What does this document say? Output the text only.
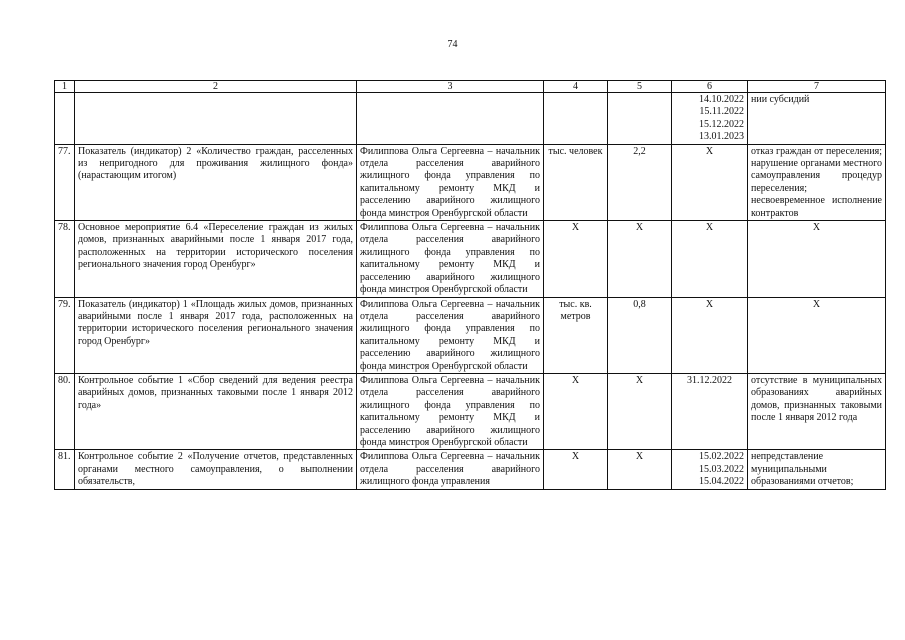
74
1	2	3	4	5	6	7

					14.10.2022
15.11.2022
15.12.2022
13.01.2023	нии субсидий
77.	Показатель (индикатор) 2 «Количество граждан, расселенных из непригодного для проживания жилищного фонда» (нарастающим итогом)	Филиппова Ольга Сергеевна – начальник отдела расселения аварийного жилищного фонда управления по капитальному ремонту МКД и расселению аварийного жилищного фонда минстроя Оренбургской области	тыс. человек	2,2	Х	отказ граждан от переселения; нарушение органами местного самоуправления процедур переселения; несвоевременное исполнение контрактов
78.	Основное мероприятие 6.4 «Переселение граждан из жилых домов, признанных аварийными после 1 января 2017 года, расположенных на территории исторического поселения регионального значения город Оренбург»	Филиппова Ольга Сергеевна – начальник отдела расселения аварийного жилищного фонда управления по капитальному ремонту МКД и расселению аварийного жилищного фонда минстроя Оренбургской области	Х	Х	Х	Х
79.	Показатель (индикатор) 1 «Площадь жилых домов, признанных аварийными после 1 января 2017 года, расположенных на территории исторического поселения регионального значения город Оренбург»	Филиппова Ольга Сергеевна – начальник отдела расселения аварийного жилищного фонда управления по капитальному ремонту МКД и расселению аварийного жилищного фонда минстроя Оренбургской области	тыс. кв. метров	0,8	Х	Х
80.	Контрольное событие 1 «Сбор сведений для ведения реестра аварийных домов, признанных таковыми после 1 января 2012 года»	Филиппова Ольга Сергеевна – начальник отдела расселения аварийного жилищного фонда управления по капитальному ремонту МКД и расселению аварийного жилищного фонда минстроя Оренбургской области	Х	Х	31.12.2022	отсутствие в муниципальных образованиях аварийных домов, признанных таковыми после 1 января 2012 года
81.	Контрольное событие 2 «Получение отчетов, представленных органами местного самоуправления, о выполнении обязательств,	Филиппова Ольга Сергеевна – начальник отдела расселения аварийного жилищного фонда управления	Х	Х	15.02.2022
15.03.2022
15.04.2022	непредставление муниципальными образованиями отчетов;
